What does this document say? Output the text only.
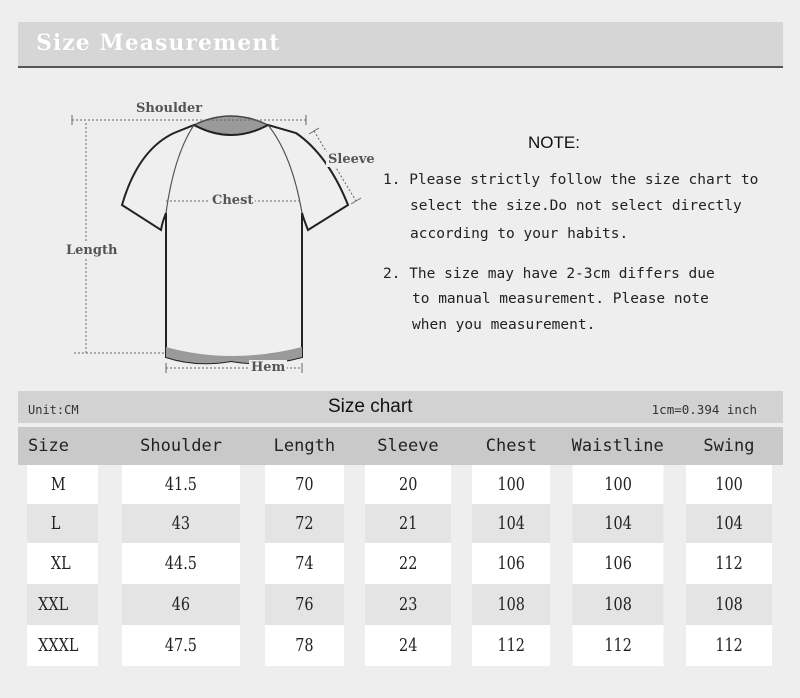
Size Measurement
Shoulder
Sleeve
Chest
Length
Hem
NOTE:
1. Please strictly follow the size chart to
select the size.Do not select directly
according to your habits.
2. The size may have 2-3cm differs due
to manual measurement. Please note
when you measurement.
Unit:CM	Size chart	1cm=0.394 inch
Size	Shoulder	Length	Sleeve	Chest	Waistline	Swing
M	41.5	70	20	100	100	100
L	43	72	21	104	104	104
XL	44.5	74	22	106	106	112
XXL	46	76	23	108	108	108
XXXL	47.5	78	24	112	112	112
